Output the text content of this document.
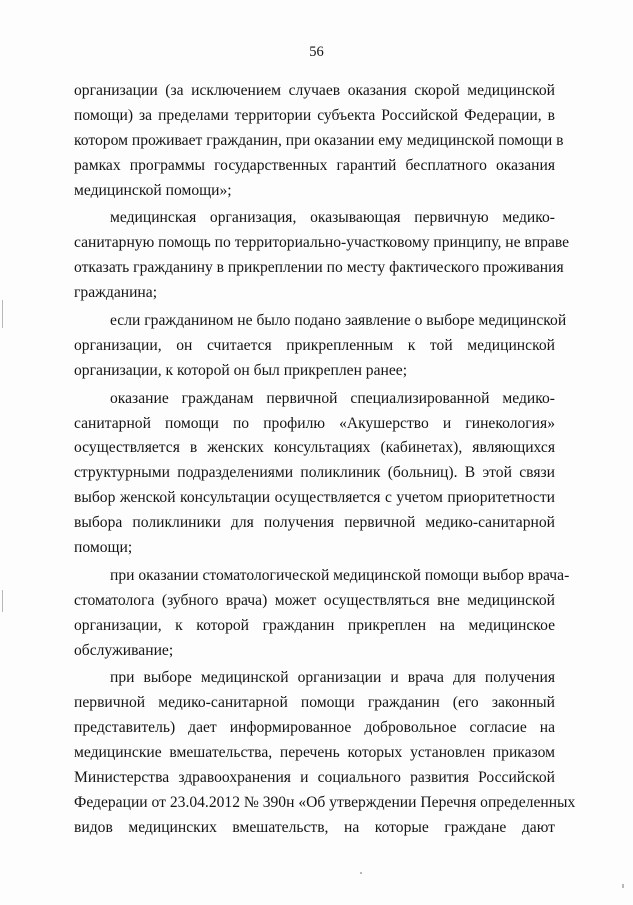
56
организации (за исключением случаев оказания скорой медицинской
помощи) за пределами территории субъекта Российской Федерации, в
котором проживает гражданин, при оказании ему медицинской помощи в
рамках программы государственных гарантий бесплатного оказания
медицинской помощи»;
медицинская организация, оказывающая первичную медико-
санитарную помощь по территориально-участковому принципу, не вправе
отказать гражданину в прикреплении по месту фактического проживания
гражданина;
если гражданином не было подано заявление о выборе медицинской
организации, он считается прикрепленным к той медицинской
организации, к которой он был прикреплен ранее;
оказание гражданам первичной специализированной медико-
санитарной помощи по профилю «Акушерство и гинекология»
осуществляется в женских консультациях (кабинетах), являющихся
структурными подразделениями поликлиник (больниц). В этой связи
выбор женской консультации осуществляется с учетом приоритетности
выбора поликлиники для получения первичной медико-санитарной
помощи;
при оказании стоматологической медицинской помощи выбор врача-
стоматолога (зубного врача) может осуществляться вне медицинской
организации, к которой гражданин прикреплен на медицинское
обслуживание;
при выборе медицинской организации и врача для получения
первичной медико-санитарной помощи гражданин (его законный
представитель) дает информированное добровольное согласие на
медицинские вмешательства, перечень которых установлен приказом
Министерства здравоохранения и социального развития Российской
Федерации от 23.04.2012 № 390н «Об утверждении Перечня определенных
видов медицинских вмешательств, на которые граждане дают
